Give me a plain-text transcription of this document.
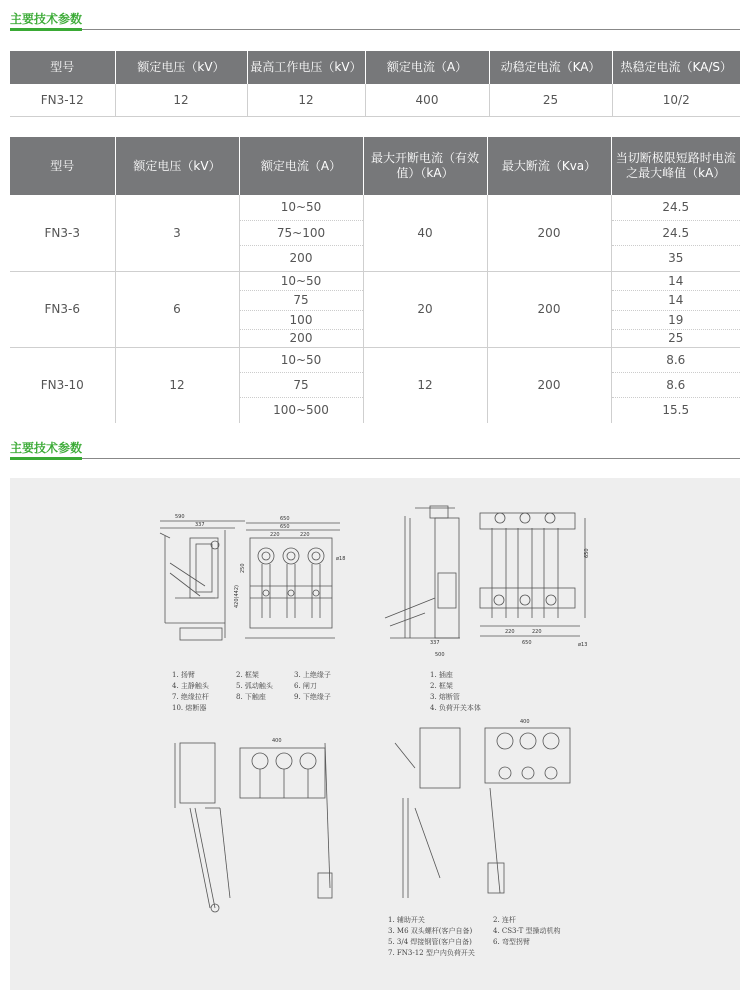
主要技术参数
型号	额定电压（kV）	最高工作电压（kV）	额定电流（A）	动稳定电流（KA）	热稳定电流（KA/S）
FN3-12	12	12	400	25	10/2
型号	额定电压（kV）	额定电流（A）	最大开断电流（有效值）（kA）	最大断流（Kva）	当切断极限短路时电流之最大峰值（kA）
FN3-3	3	10~50	40	200	24.5
		75~100			24.5
		200			35
FN3-6	6	10~50	20	200	14
		75			14
		100			19
		200			25
FN3-10	12	10~50	12	200	8.6
		75			8.6
		100~500			15.5
主要技术参数
590
337
650
650
220	220
420(442)
250
ø18
337
500
650
220	220
ø13
650
400
400
1. 扬臂	2. 框架	3. 上绝缘子
4. 主静触头	5. 弧动触头	6. 闸刀
7. 绝缘拉杆	8. 下触座	9. 下绝缘子
10. 熔断器
1. 插座
2. 框架
3. 熔断管
4. 负荷开关本体
1. 辅助开关	2. 连杆
3. M6 双头螺杆(客户自备)	4. CS3-T 型操动机构
5. 3/4 焊接钢管(客户自备)	6. 弯型拐臂
7. FN3-12 型户内负荷开关
